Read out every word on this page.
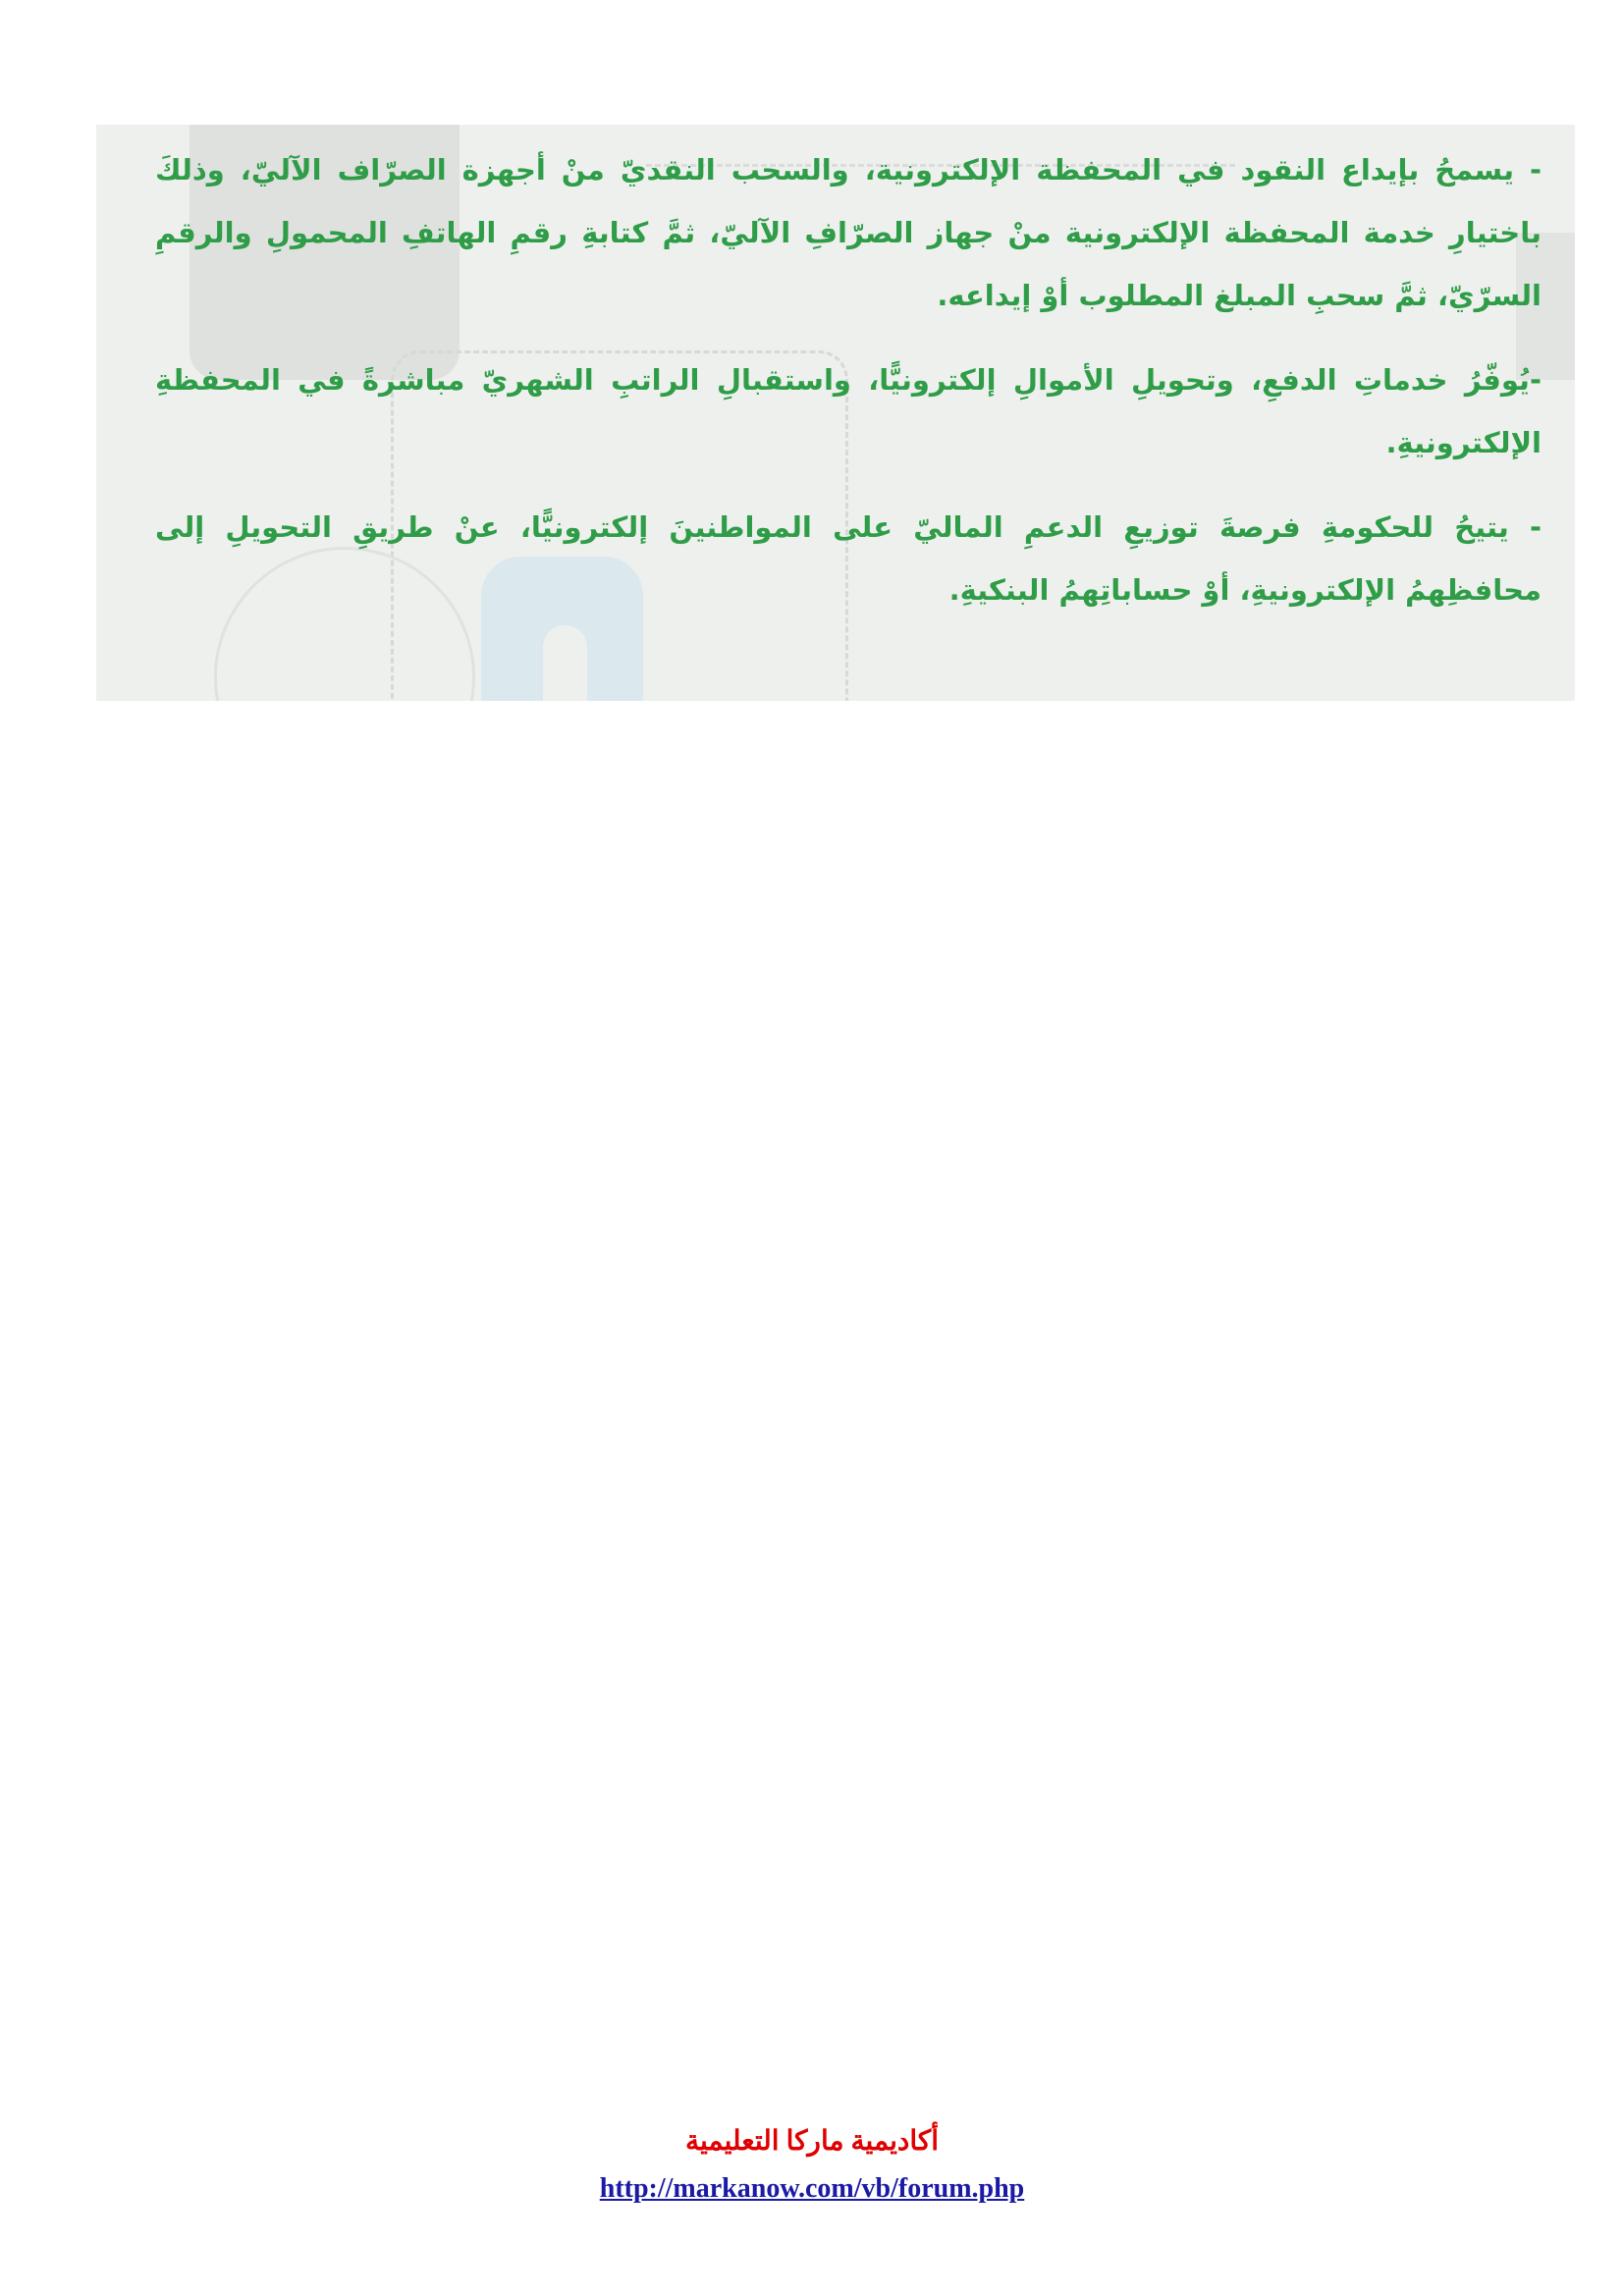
- يسمحُ بإيداع النقود في المحفظة الإلكترونية، والسحب النقديّ منْ أجهزة الصرّاف الآليّ، وذلكَ باختيارِ خدمة المحفظة الإلكترونية منْ جهاز الصرّافِ الآليّ، ثمَّ كتابةِ رقمِ الهاتفِ المحمولِ والرقمِ السرّيّ، ثمَّ سحبِ المبلغ المطلوب أوْ إيداعه.

-يُوفّرُ خدماتِ الدفعِ، وتحويلِ الأموالِ إلكترونيًّا، واستقبالِ الراتبِ الشهريّ مباشرةً في المحفظةِ الإلكترونيةِ.

- يتيحُ للحكومةِ فرصةَ توزيعِ الدعمِ الماليّ على المواطنينَ إلكترونيًّا، عنْ طريقِ التحويلِ إلى محافظِهمُ الإلكترونيةِ، أوْ حساباتِهمُ البنكيةِ.

أكاديمية ماركا التعليمية
http://markanow.com/vb/forum.php
